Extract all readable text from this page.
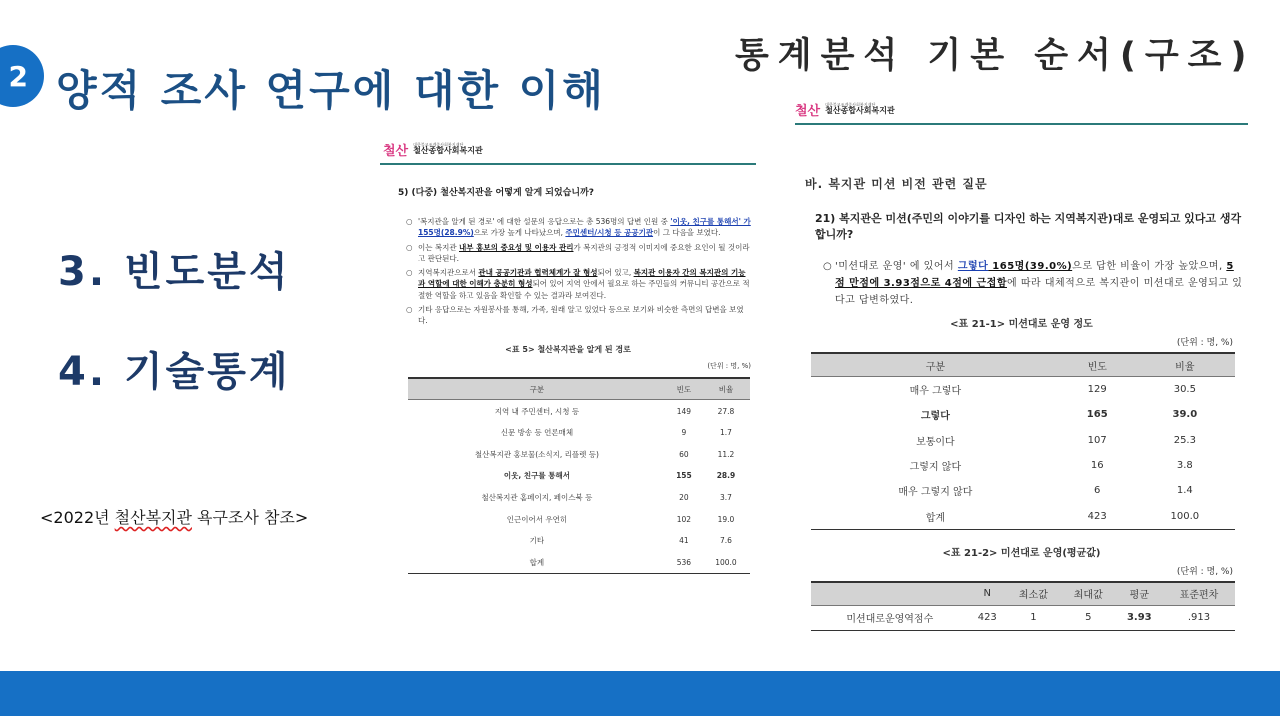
2 양적 조사 연구에 대한 이해
통계분석 기본 순서(구조)
3. 빈도분석
4. 기술통계
<2022년 철산복지관 욕구조사 참조>
철산 대한불교조계종사회복지재단
철산종합사회복지관
5) (다중) 철산복지관을 어떻게 알게 되었습니까?
○ '복지관을 알게 된 경로' 에 대한 설문의 응답으로는 총 536명의 답변 인원 중 '이웃, 친구를 통해서' 가 155명(28.9%)으로 가장 높게 나타났으며, 주민센터/시청 등 공공기관이 그 다음을 보였다.
○ 이는 복지관 내부 홍보의 중요성 및 이용자 관리가 복지관의 긍정적 이미지에 중요한 요인이 될 것이라고 판단된다.
○ 지역복지관으로서 관내 공공기관과 협력체계가 잘 형성되어 있고, 복지관 이용자 간의 복지관의 기능과 역할에 대한 이해가 충분히 형성되어 있어 지역 안에서 필요로 하는 주민들의 커뮤니티 공간으로 적절한 역할을 하고 있음을 확인할 수 있는 결과라 보여진다.
○ 기타 응답으로는 자원봉사를 통해, 가족, 원래 알고 있었다 등으로 보기와 비슷한 측면의 답변을 보였다.
<표 5> 철산복지관을 알게 된 경로
(단위 : 명, %)
구분	빈도	비율
지역 내 주민센터, 시청 등	149	27.8
신문 방송 등 언론매체	9	1.7
철산복지관 홍보물(소식지, 리플렛 등)	60	11.2
이웃, 친구를 통해서	155	28.9
철산복지관 홈페이지, 페이스북 등	20	3.7
인근이어서 우연히	102	19.0
기타	41	7.6
합계	536	100.0
철산 대한불교조계종사회복지재단
철산종합사회복지관
바. 복지관 미션 비전 관련 질문
21) 복지관은 미션(주민의 이야기를 디자인 하는 지역복지관)대로 운영되고 있다고 생각합니까?
○ '미션대로 운영' 에 있어서 그렇다 165명(39.0%)으로 답한 비율이 가장 높았으며, 5점 만점에 3.93점으로 4점에 근접함에 따라 대체적으로 복지관이 미션대로 운영되고 있다고 답변하였다.
<표 21-1> 미션대로 운영 정도
(단위 : 명, %)
구분	빈도	비율
매우 그렇다	129	30.5
그렇다	165	39.0
보통이다	107	25.3
그렇지 않다	16	3.8
매우 그렇지 않다	6	1.4
합계	423	100.0
<표 21-2> 미션대로 운영(평균값)
(단위 : 명, %)
	N	최소값	최대값	평균	표준편차
미션대로운영역점수	423	1	5	3.93	.913
